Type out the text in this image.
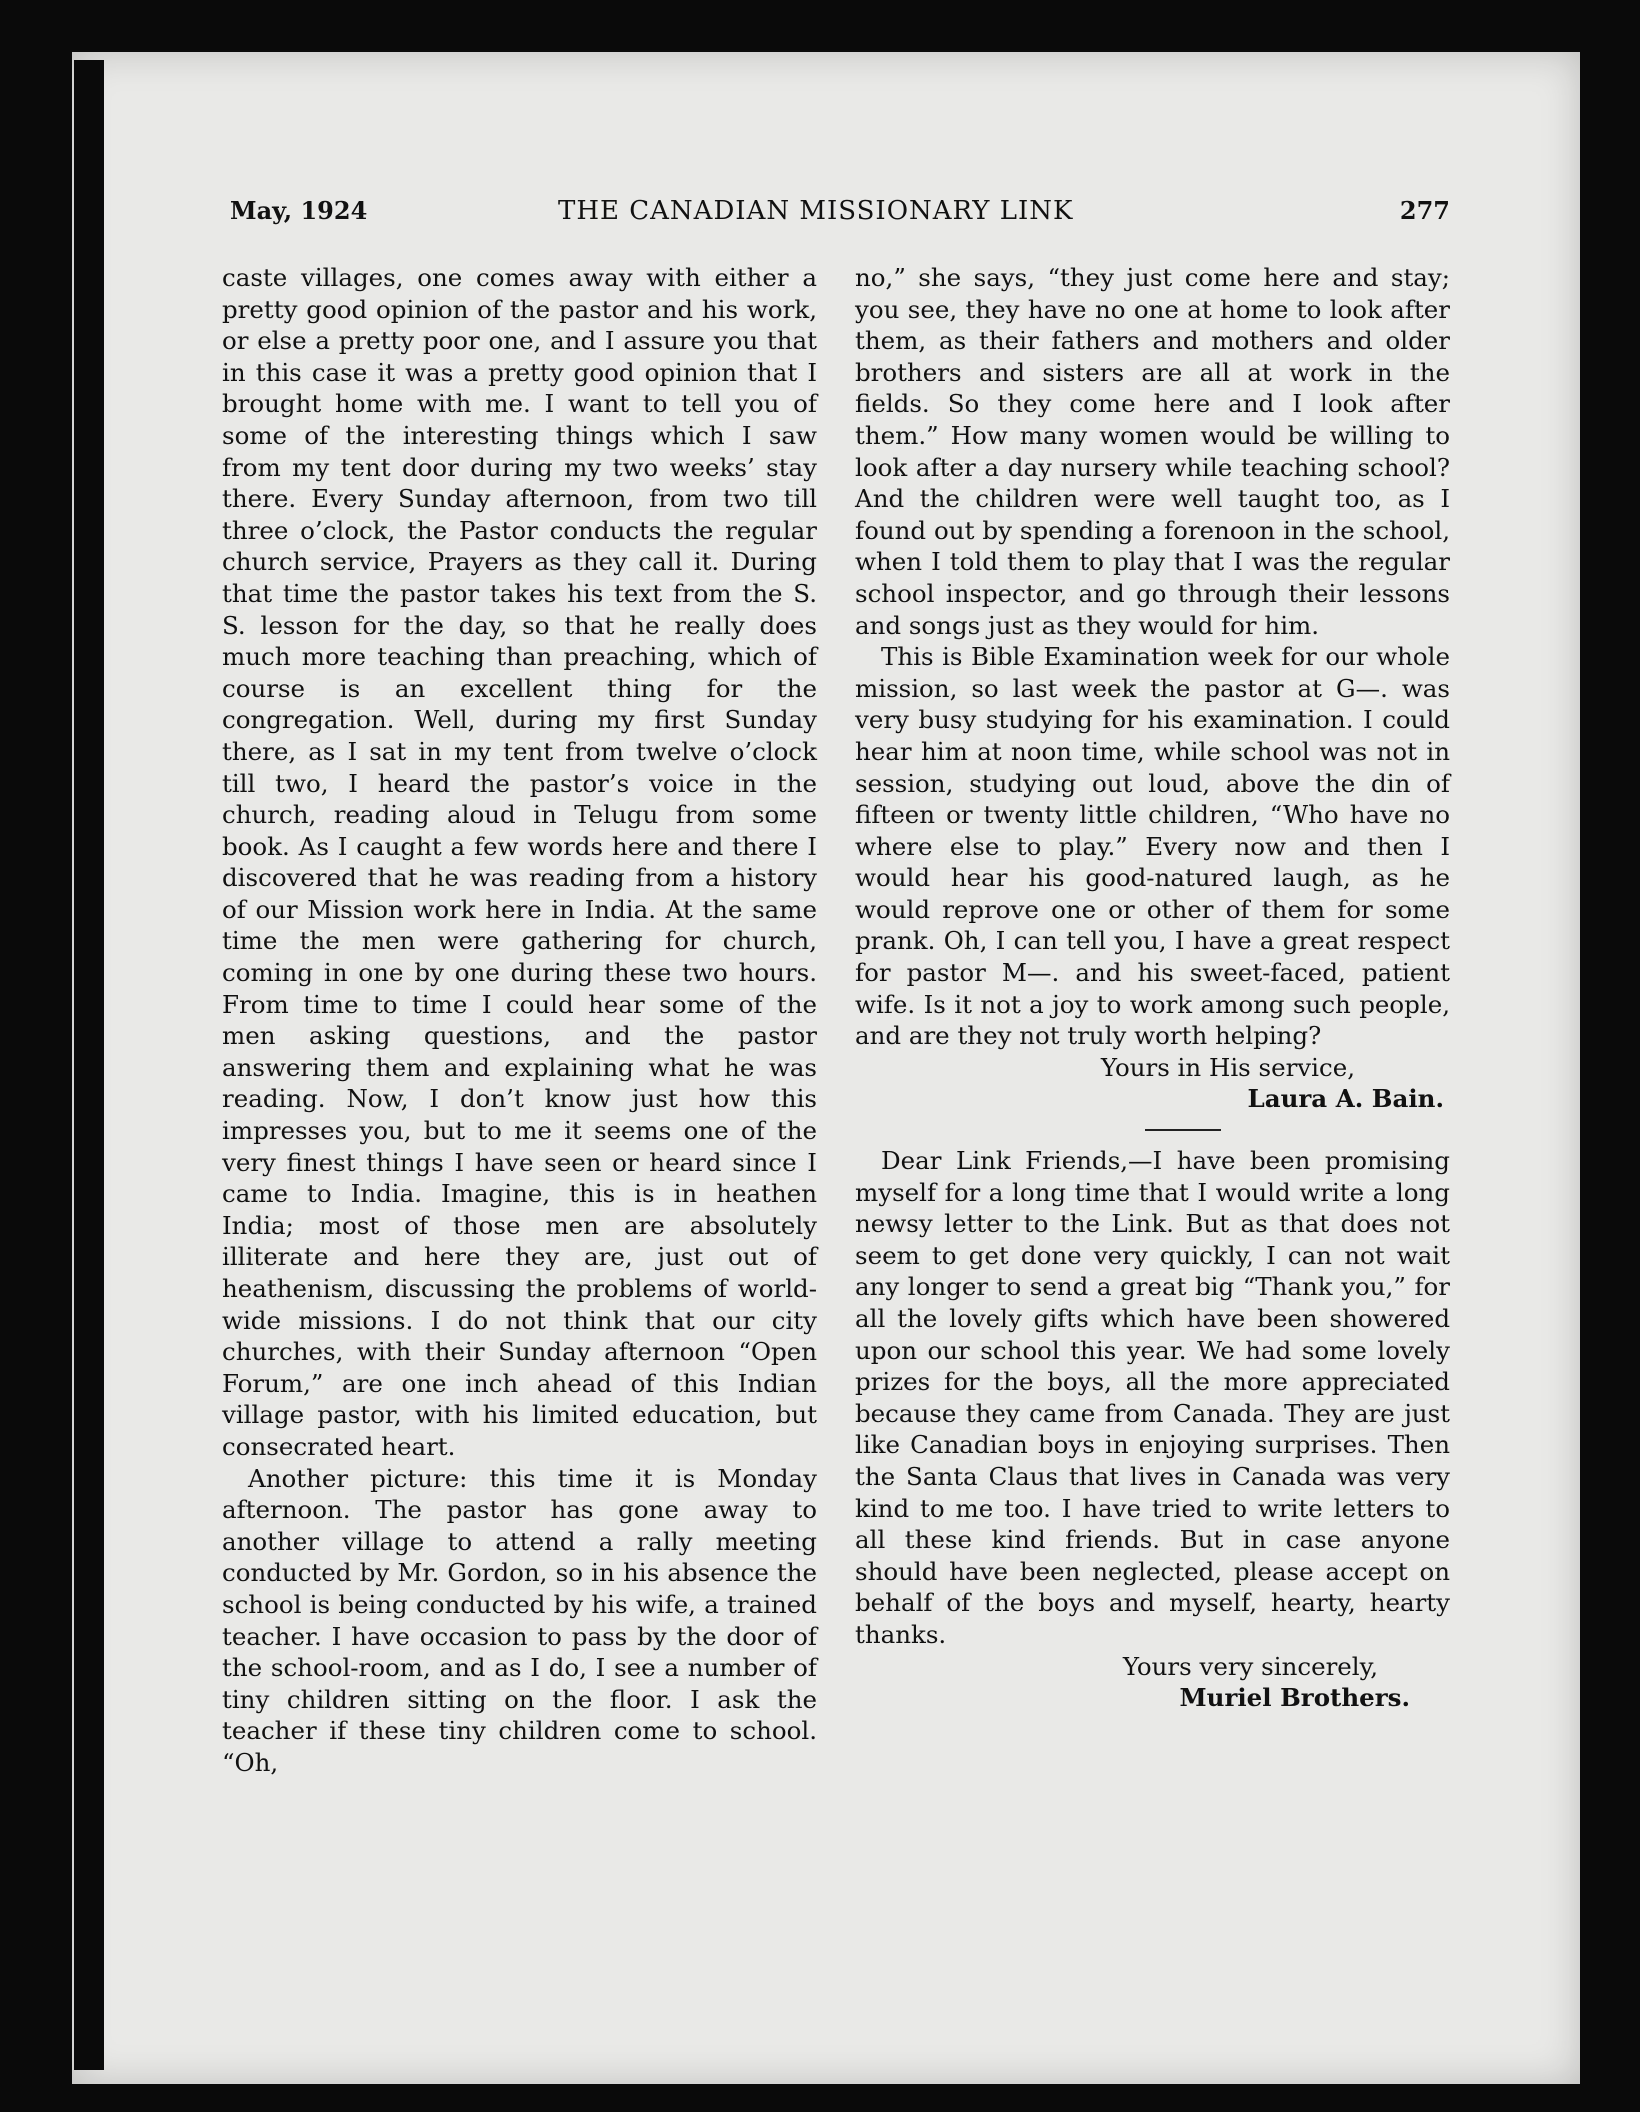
May, 1924	THE CANADIAN MISSIONARY LINK	277

caste villages, one comes away with either a pretty good opinion of the pastor and his work, or else a pretty poor one, and I assure you that in this case it was a pretty good opinion that I brought home with me. I want to tell you of some of the interesting things which I saw from my tent door during my two weeks’ stay there. Every Sunday afternoon, from two till three o’clock, the Pastor conducts the regular church service, Prayers as they call it. During that time the pastor takes his text from the S. S. lesson for the day, so that he really does much more teaching than preaching, which of course is an excellent thing for the congregation. Well, during my first Sunday there, as I sat in my tent from twelve o’clock till two, I heard the pastor’s voice in the church, reading aloud in Telugu from some book. As I caught a few words here and there I discovered that he was reading from a history of our Mission work here in India. At the same time the men were gathering for church, coming in one by one during these two hours. From time to time I could hear some of the men asking questions, and the pastor answering them and explaining what he was reading. Now, I don’t know just how this impresses you, but to me it seems one of the very finest things I have seen or heard since I came to India. Imagine, this is in heathen India; most of those men are absolutely illiterate and here they are, just out of heathenism, discussing the problems of world-wide missions. I do not think that our city churches, with their Sunday afternoon “Open Forum,” are one inch ahead of this Indian village pastor, with his limited education, but consecrated heart.

Another picture: this time it is Monday afternoon. The pastor has gone away to another village to attend a rally meeting conducted by Mr. Gordon, so in his absence the school is being conducted by his wife, a trained teacher. I have occasion to pass by the door of the school-room, and as I do, I see a number of tiny children sitting on the floor. I ask the teacher if these tiny children come to school. “Oh,

no,” she says, “they just come here and stay; you see, they have no one at home to look after them, as their fathers and mothers and older brothers and sisters are all at work in the fields. So they come here and I look after them.” How many women would be willing to look after a day nursery while teaching school? And the children were well taught too, as I found out by spending a forenoon in the school, when I told them to play that I was the regular school inspector, and go through their lessons and songs just as they would for him.

This is Bible Examination week for our whole mission, so last week the pastor at G—. was very busy studying for his examination. I could hear him at noon time, while school was not in session, studying out loud, above the din of fifteen or twenty little children, “Who have no where else to play.” Every now and then I would hear his good-natured laugh, as he would reprove one or other of them for some prank. Oh, I can tell you, I have a great respect for pastor M—. and his sweet-faced, patient wife. Is it not a joy to work among such people, and are they not truly worth helping?

Yours in His service,
Laura A. Bain.

Dear Link Friends,—I have been promising myself for a long time that I would write a long newsy letter to the Link. But as that does not seem to get done very quickly, I can not wait any longer to send a great big “Thank you,” for all the lovely gifts which have been showered upon our school this year. We had some lovely prizes for the boys, all the more appreciated because they came from Canada. They are just like Canadian boys in enjoying surprises. Then the Santa Claus that lives in Canada was very kind to me too. I have tried to write letters to all these kind friends. But in case anyone should have been neglected, please accept on behalf of the boys and myself, hearty, hearty thanks.

Yours very sincerely,
Muriel Brothers.
